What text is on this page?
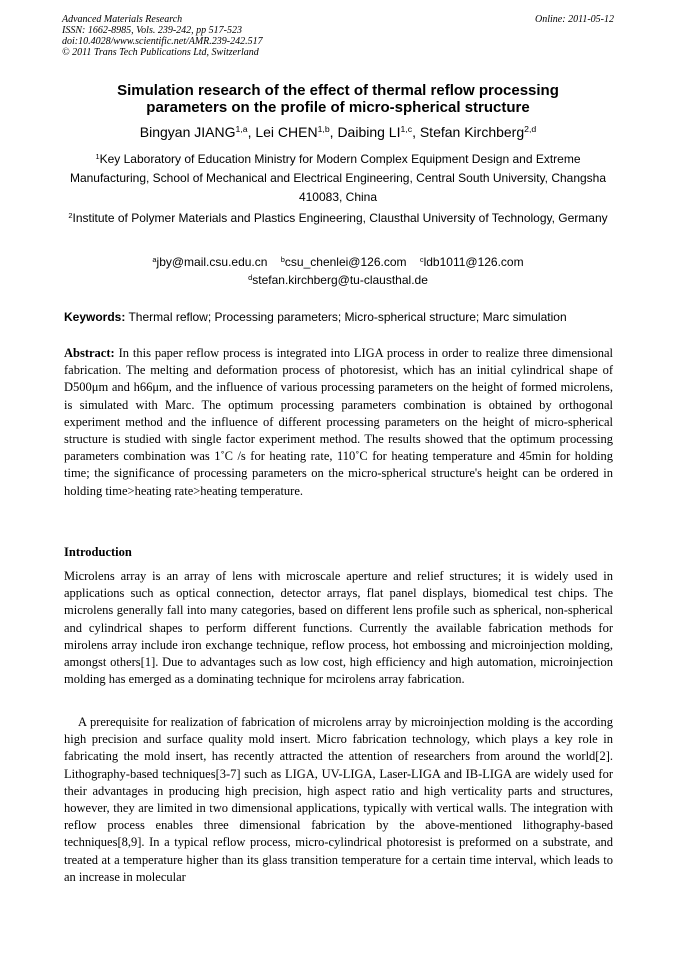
Advanced Materials Research
ISSN: 1662-8985, Vols. 239-242, pp 517-523
doi:10.4028/www.scientific.net/AMR.239-242.517
© 2011 Trans Tech Publications Ltd, Switzerland
Online: 2011-05-12
Simulation research of the effect of thermal reflow processing
parameters on the profile of micro-spherical structure
Bingyan JIANG$^{1,a}$, Lei CHEN$^{1,b}$, Daibing LI$^{1,c}$, Stefan Kirchberg$^{2,d}$
$^1$Key Laboratory of Education Ministry for Modern Complex Equipment Design and Extreme Manufacturing, School of Mechanical and Electrical Engineering, Central South University, Changsha 410083, China
$^2$Institute of Polymer Materials and Plastics Engineering, Clausthal University of Technology, Germany
$^a$jby@mail.csu.edu.cn $^b$csu_chenlei@126.com $^c$ldb1011@126.com
$^d$stefan.kirchberg@tu-clausthal.de
Keywords: Thermal reflow; Processing parameters; Micro-spherical structure; Marc simulation
Abstract: In this paper reflow process is integrated into LIGA process in order to realize three dimensional fabrication. The melting and deformation process of photoresist, which has an initial cylindrical shape of D500μm and h66μm, and the influence of various processing parameters on the height of formed microlens, is simulated with Marc. The optimum processing parameters combination is obtained by orthogonal experiment method and the influence of different processing parameters on the height of micro-spherical structure is studied with single factor experiment method. The results showed that the optimum processing parameters combination was 1˚C /s for heating rate, 110˚C for heating temperature and 45min for holding time; the significance of processing parameters on the micro-spherical structure's height can be ordered in holding time>heating rate>heating temperature.
Introduction
Microlens array is an array of lens with microscale aperture and relief structures; it is widely used in applications such as optical connection, detector arrays, flat panel displays, biomedical test chips. The microlens generally fall into many categories, based on different lens profile such as spherical, non-spherical and cylindrical shapes to perform different functions. Currently the available fabrication methods for mirolens array include iron exchange technique, reflow process, hot embossing and microinjection molding, amongst others[1]. Due to advantages such as low cost, high efficiency and high automation, microinjection molding has emerged as a dominating technique for mcirolens array fabrication.
A prerequisite for realization of fabrication of microlens array by microinjection molding is the according high precision and surface quality mold insert. Micro fabrication technology, which plays a key role in fabricating the mold insert, has recently attracted the attention of researchers from around the world[2]. Lithography-based techniques[3-7] such as LIGA, UV-LIGA, Laser-LIGA and IB-LIGA are widely used for their advantages in producing high precision, high aspect ratio and high verticality parts and structures, however, they are limited in two dimensional applications, typically with vertical walls. The integration with reflow process enables three dimensional fabrication by the above-mentioned lithography-based techniques[8,9]. In a typical reflow process, micro-cylindrical photoresist is preformed on a substrate, and treated at a temperature higher than its glass transition temperature for a certain time interval, which leads to an increase in molecular
